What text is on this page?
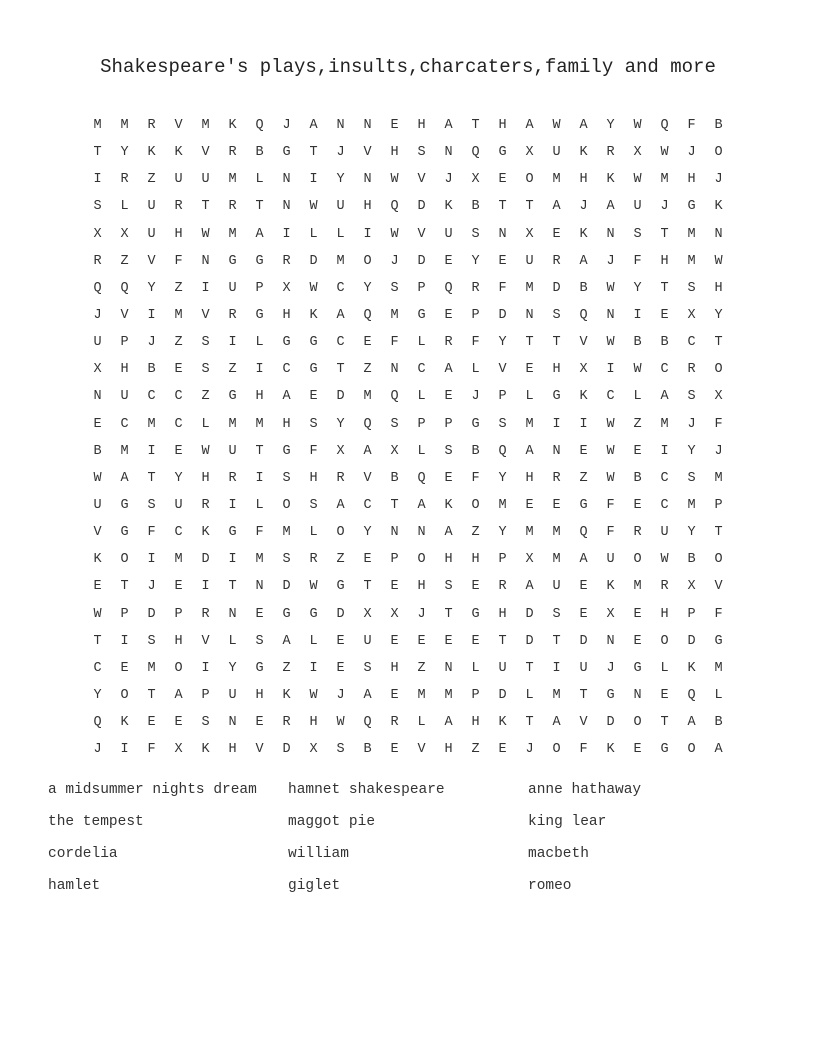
Shakespeare's plays,insults,charcaters,family and more
M	M	R	V	M	K	Q	J	A	N	N	E	H	A	T	H	A	W	A	Y	W	Q	F	B
T	Y	K	K	V	R	B	G	T	J	V	H	S	N	Q	G	X	U	K	R	X	W	J	O
I	R	Z	U	U	M	L	N	I	Y	N	W	V	J	X	E	O	M	H	K	W	M	H	J
S	L	U	R	T	R	T	N	W	U	H	Q	D	K	B	T	T	A	J	A	U	J	G	K
X	X	U	H	W	M	A	I	L	L	I	W	V	U	S	N	X	E	K	N	S	T	M	N
R	Z	V	F	N	G	G	R	D	M	O	J	D	E	Y	E	U	R	A	J	F	H	M	W
Q	Q	Y	Z	I	U	P	X	W	C	Y	S	P	Q	R	F	M	D	B	W	Y	T	S	H
J	V	I	M	V	R	G	H	K	A	Q	M	G	E	P	D	N	S	Q	N	I	E	X	Y
U	P	J	Z	S	I	L	G	G	C	E	F	L	R	F	Y	T	T	V	W	B	B	C	T
X	H	B	E	S	Z	I	C	G	T	Z	N	C	A	L	V	E	H	X	I	W	C	R	O
N	U	C	C	Z	G	H	A	E	D	M	Q	L	E	J	P	L	G	K	C	L	A	S	X
E	C	M	C	L	M	M	H	S	Y	Q	S	P	P	G	S	M	I	I	W	Z	M	J	F
B	M	I	E	W	U	T	G	F	X	A	X	L	S	B	Q	A	N	E	W	E	I	Y	J
W	A	T	Y	H	R	I	S	H	R	V	B	Q	E	F	Y	H	R	Z	W	B	C	S	M
U	G	S	U	R	I	L	O	S	A	C	T	A	K	O	M	E	E	G	F	E	C	M	P
V	G	F	C	K	G	F	M	L	O	Y	N	N	A	Z	Y	M	M	Q	F	R	U	Y	T
K	O	I	M	D	I	M	S	R	Z	E	P	O	H	H	P	X	M	A	U	O	W	B	O
E	T	J	E	I	T	N	D	W	G	T	E	H	S	E	R	A	U	E	K	M	R	X	V
W	P	D	P	R	N	E	G	G	D	X	X	J	T	G	H	D	S	E	X	E	H	P	F
T	I	S	H	V	L	S	A	L	E	U	E	E	E	E	T	D	T	D	N	E	O	D	G
C	E	M	O	I	Y	G	Z	I	E	S	H	Z	N	L	U	T	I	U	J	G	L	K	M
Y	O	T	A	P	U	H	K	W	J	A	E	M	M	P	D	L	M	T	G	N	E	Q	L
Q	K	E	E	S	N	E	R	H	W	Q	R	L	A	H	K	T	A	V	D	O	T	A	B
J	I	F	X	K	H	V	D	X	S	B	E	V	H	Z	E	J	O	F	K	E	G	O	A
a midsummer nights dream	hamnet shakespeare	anne hathaway
the tempest	maggot pie	king lear
cordelia	william	macbeth
hamlet	giglet	romeo
